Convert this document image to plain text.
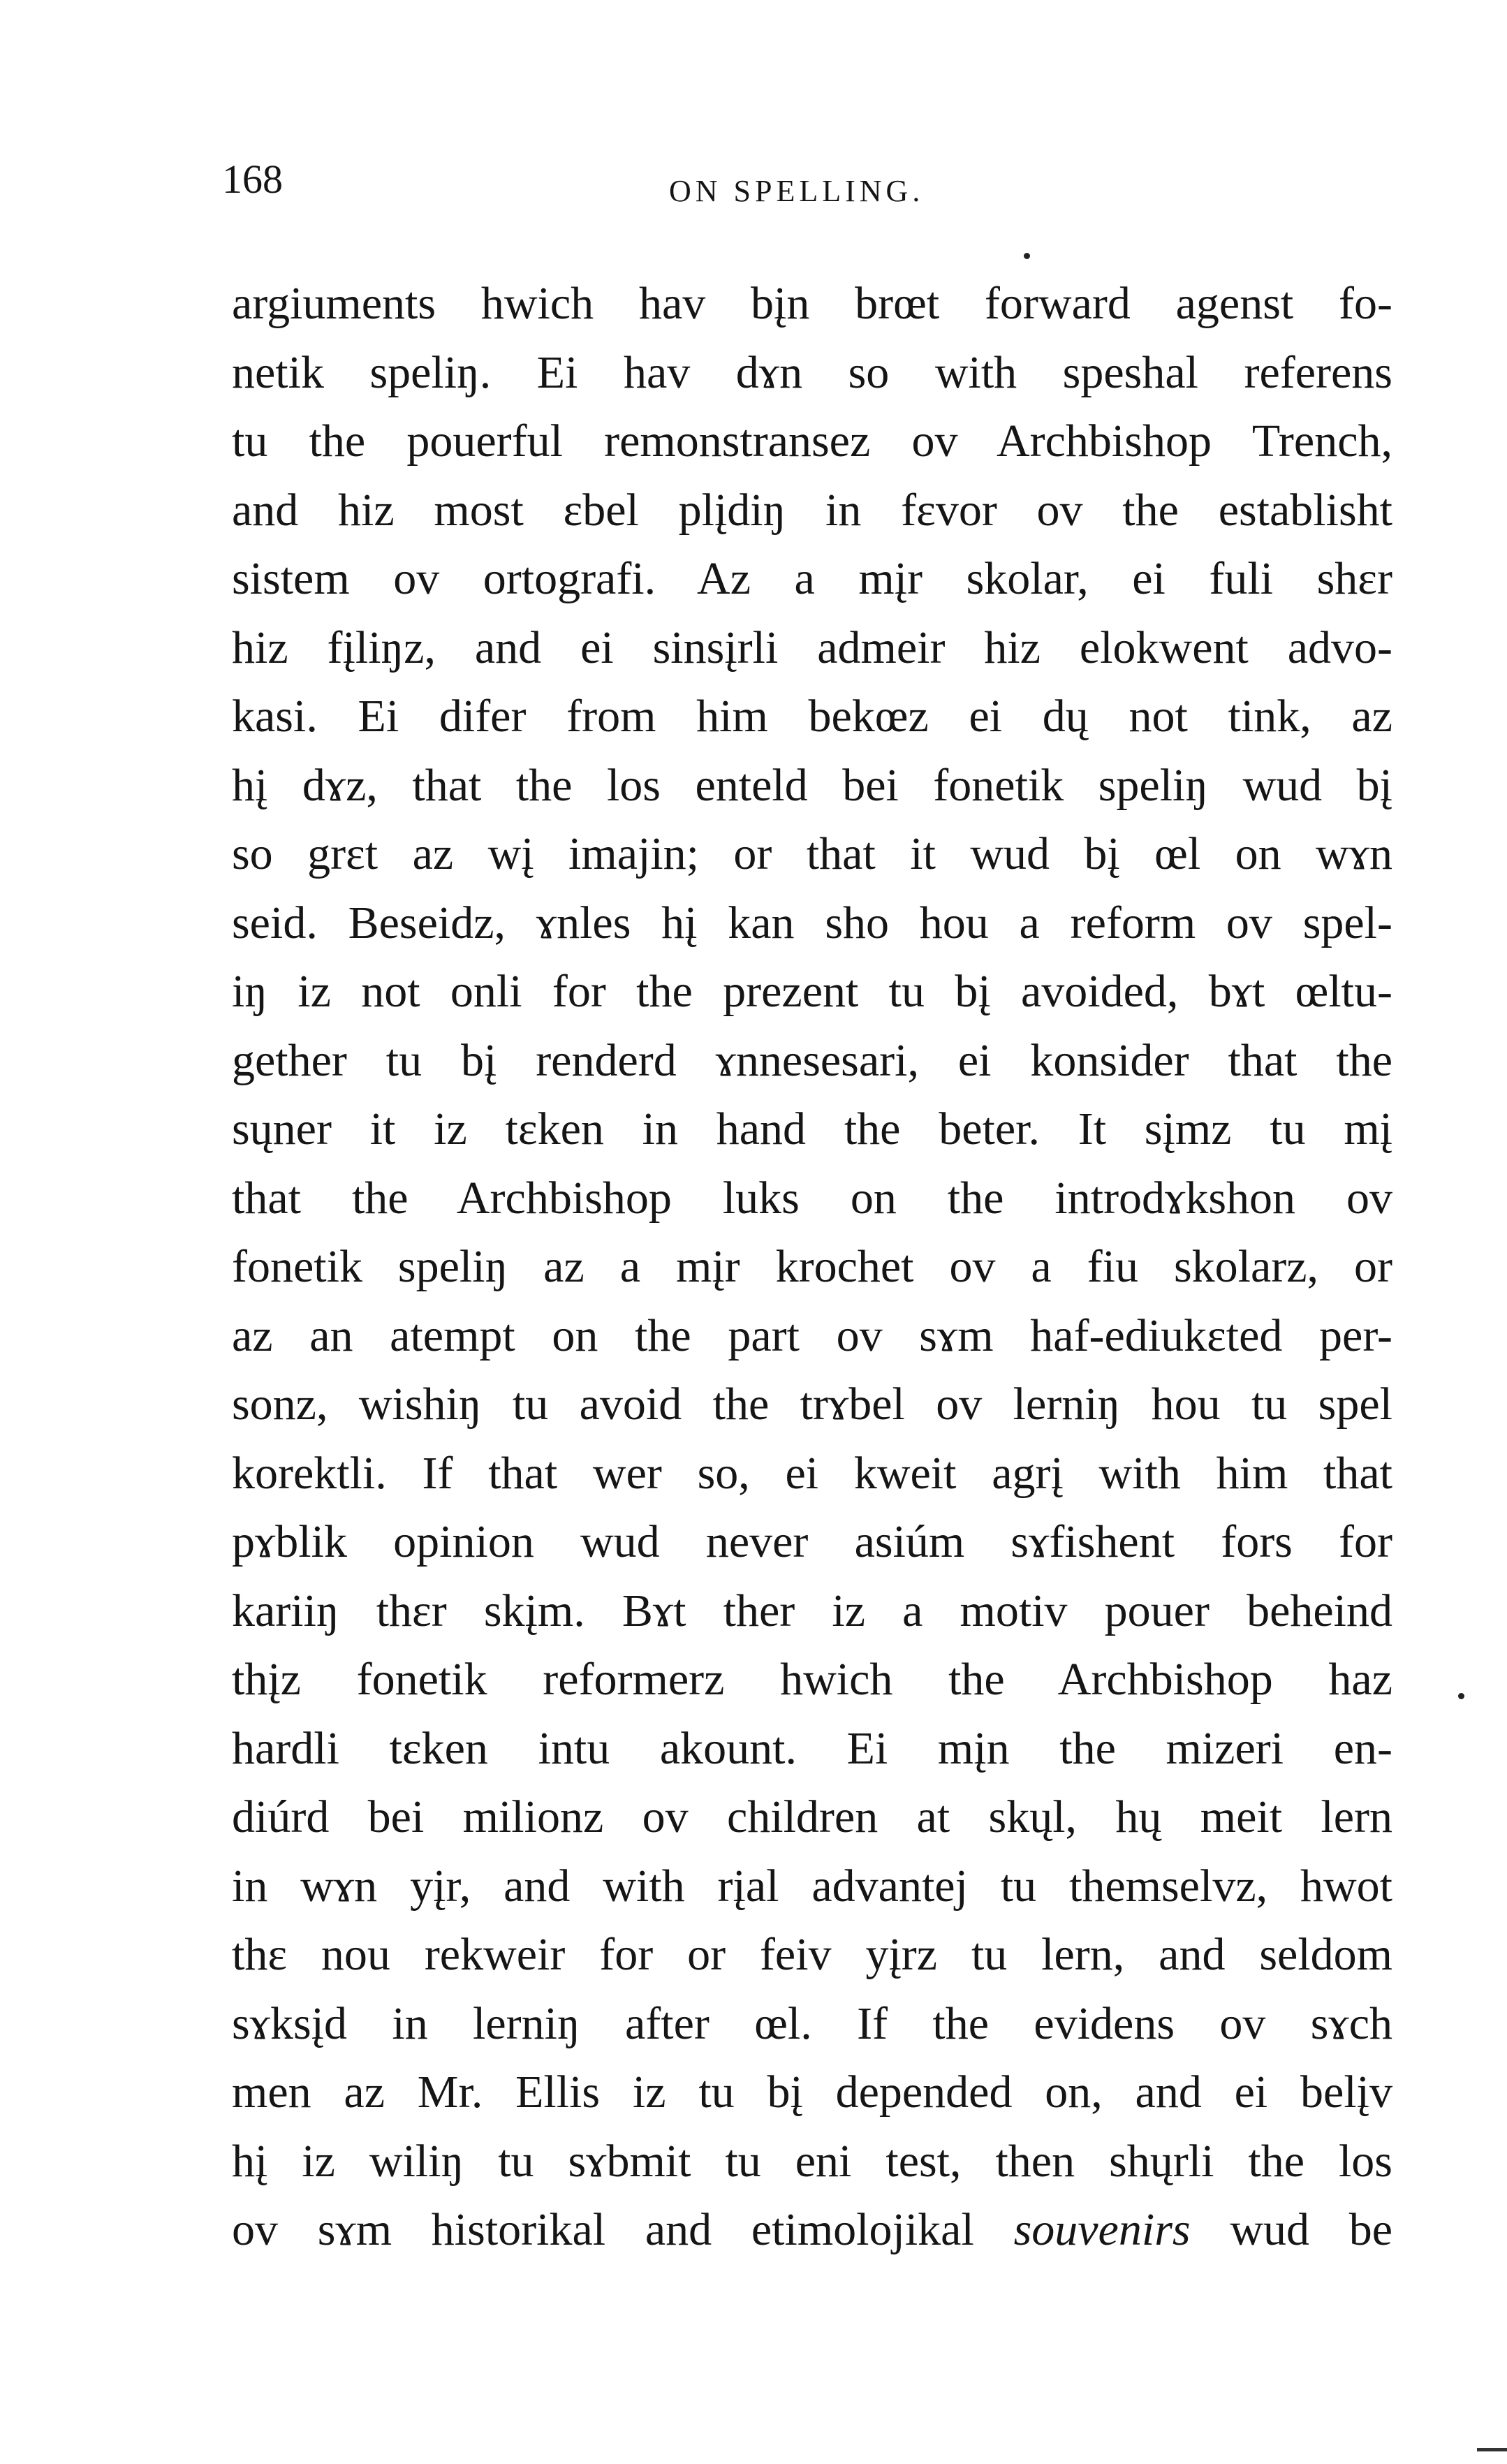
168	ON SPELLING.
argiuments hwich hav bįn brœt forward agenst fo-
netik speliŋ. Ei hav dɤn so with speshal referens
tu the pouerful remonstransez ov Archbishop Trench,
and hiz most ɛbel plįdiŋ in fɛvor ov the establisht
sistem ov ortografi. Az a mįr skolar, ei fuli shɛr
hiz fįliŋz, and ei sinsįrli admeir hiz elokwent advo-
kasi. Ei difer from him bekœz ei dų not tink, az
hį dɤz, that the los enteld bei fonetik speliŋ wud bį
so grɛt az wį imajin; or that it wud bį œl on wɤn
seid. Beseidz, ɤnles hį kan sho hou a reform ov spel-
iŋ iz not onli for the prezent tu bį avoided, bɤt œltu-
gether tu bį renderd ɤnnesesari, ei konsider that the
sųner it iz tɛken in hand the beter. It sįmz tu mį
that the Archbishop luks on the introdɤkshon ov
fonetik speliŋ az a mįr krochet ov a fiu skolarz, or
az an atempt on the part ov sɤm haf-ediukɛted per-
sonz, wishiŋ tu avoid the trɤbel ov lerniŋ hou tu spel
korektli. If that wer so, ei kweit agrį with him that
pɤblik opinion wud never asiúm sɤfishent fors for
kariiŋ thɛr skįm. Bɤt ther iz a motiv pouer beheind
thįz fonetik reformerz hwich the Archbishop haz
hardli tɛken intu akount. Ei mįn the mizeri en-
diúrd bei milionz ov children at skųl, hų meit lern
in wɤn yįr, and with rįal advantej tu themselvz, hwot
thɛ nou rekweir for or feiv yįrz tu lern, and seldom
sɤksįd in lerniŋ after œl. If the evidens ov sɤch
men az Mr. Ellis iz tu bį depended on, and ei belįv
hį iz wiliŋ tu sɤbmit tu eni test, then shųrli the los
ov sɤm historikal and etimolojikal souvenirs wud be
